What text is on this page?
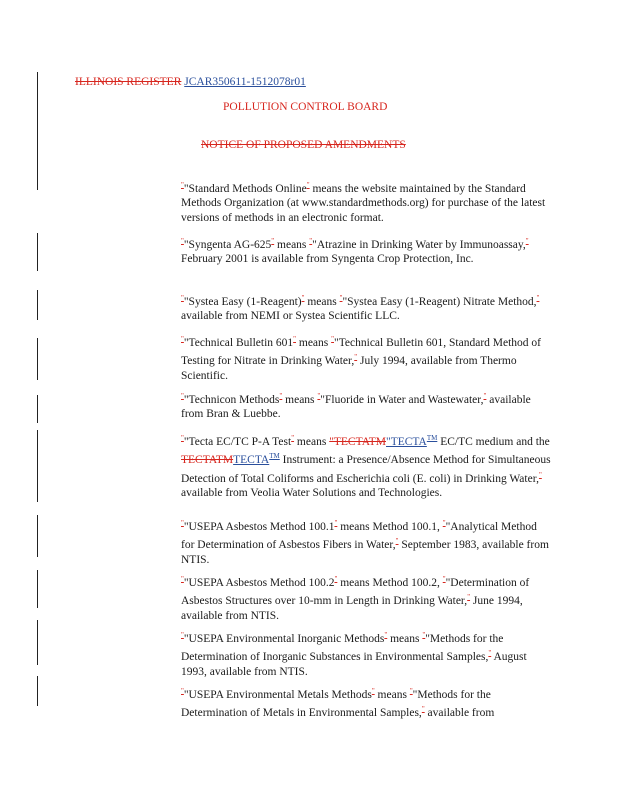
ILLINOIS REGISTER JCAR350611-1512078r01
POLLUTION CONTROL BOARD
NOTICE OF PROPOSED AMENDMENTS
""Standard Methods Online" means the website maintained by the Standard Methods Organization (at www.standardmethods.org) for purchase of the latest versions of methods in an electronic format.
""Syngenta AG-625" means ""Atrazine in Drinking Water by Immunoassay," February 2001 is available from Syngenta Crop Protection, Inc.
""Systea Easy (1-Reagent)" means ""Systea Easy (1-Reagent) Nitrate Method," available from NEMI or Systea Scientific LLC.
""Technical Bulletin 601" means ""Technical Bulletin 601, Standard Method of Testing for Nitrate in Drinking Water," July 1994, available from Thermo Scientific.
""Technicon Methods" means ""Fluoride in Water and Wastewater," available from Bran & Luebbe.
""Tecta EC/TC P-A Test" means "TECTATM"TECTA™ EC/TC medium and the TECTATMTECTA™ Instrument: a Presence/Absence Method for Simultaneous Detection of Total Coliforms and Escherichia coli (E. coli) in Drinking Water," available from Veolia Water Solutions and Technologies.
""USEPA Asbestos Method 100.1" means Method 100.1, ""Analytical Method for Determination of Asbestos Fibers in Water," September 1983, available from NTIS.
""USEPA Asbestos Method 100.2" means Method 100.2, ""Determination of Asbestos Structures over 10-mm in Length in Drinking Water," June 1994, available from NTIS.
""USEPA Environmental Inorganic Methods" means ""Methods for the Determination of Inorganic Substances in Environmental Samples," August 1993, available from NTIS.
""USEPA Environmental Metals Methods" means ""Methods for the Determination of Metals in Environmental Samples," available from
